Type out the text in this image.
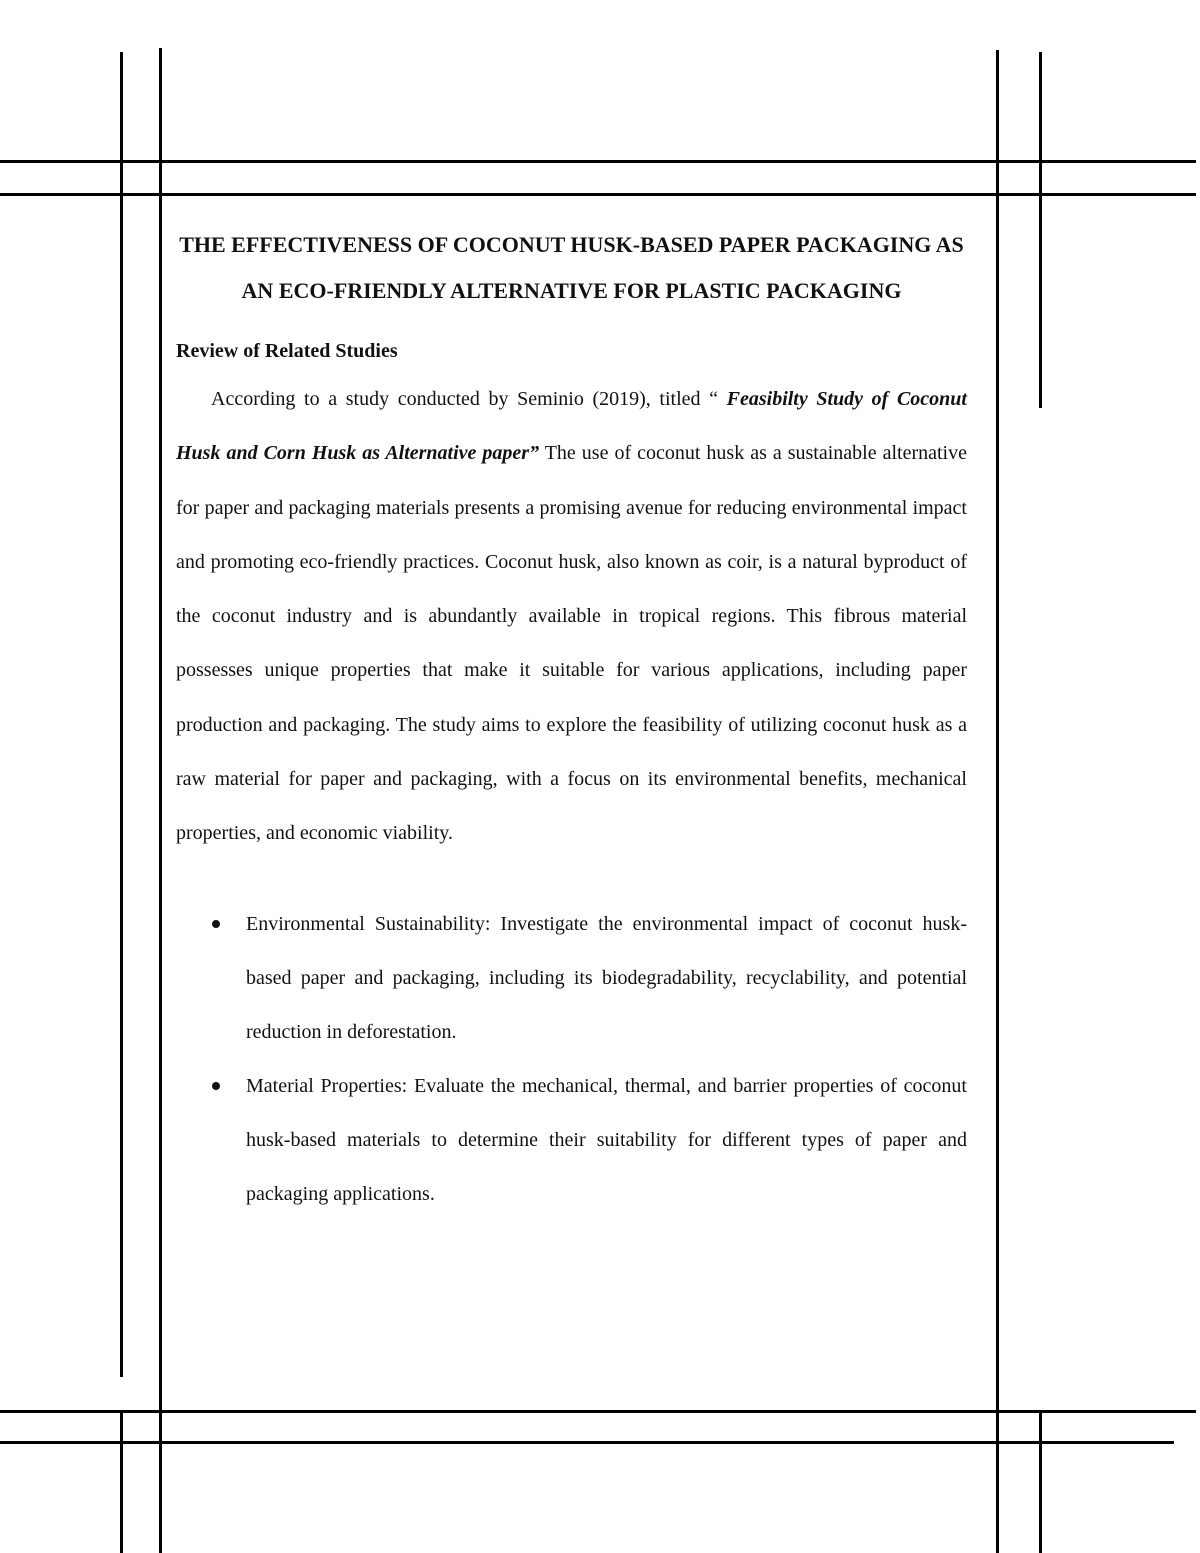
THE EFFECTIVENESS OF COCONUT HUSK-BASED PAPER PACKAGING AS AN ECO-FRIENDLY ALTERNATIVE FOR PLASTIC PACKAGING
Review of Related Studies

According to a study conducted by Seminio (2019), titled “ Feasibilty Study of Coconut Husk and Corn Husk as Alternative paper” The use of coconut husk as a sustainable alternative for paper and packaging materials presents a promising avenue for reducing environmental impact and promoting eco-friendly practices. Coconut husk, also known as coir, is a natural byproduct of the coconut industry and is abundantly available in tropical regions. This fibrous material possesses unique properties that make it suitable for various applications, including paper production and packaging. The study aims to explore the feasibility of utilizing coconut husk as a raw material for paper and packaging, with a focus on its environmental benefits, mechanical properties, and economic viability.

Environmental Sustainability: Investigate the environmental impact of coconut husk-based paper and packaging, including its biodegradability, recyclability, and potential reduction in deforestation.
Material Properties: Evaluate the mechanical, thermal, and barrier properties of coconut husk-based materials to determine their suitability for different types of paper and packaging applications.
